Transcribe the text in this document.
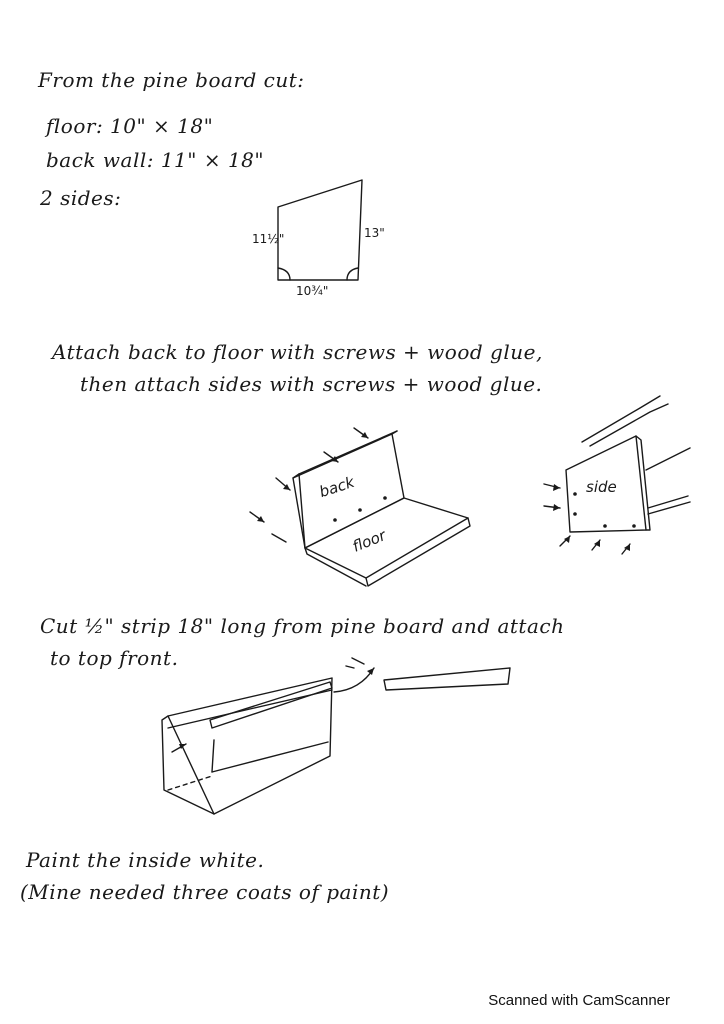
From the pine board cut:
floor: 10" × 18"
back wall: 11" × 18"
2 sides:
11½"	13"
10¾"
Attach back to floor with screws + wood glue,
then attach sides with screws + wood glue.
back
floor
side
Cut ½" strip 18" long from pine board and attach
to top front.
Paint the inside white.
(Mine needed three coats of paint)
Scanned with CamScanner
